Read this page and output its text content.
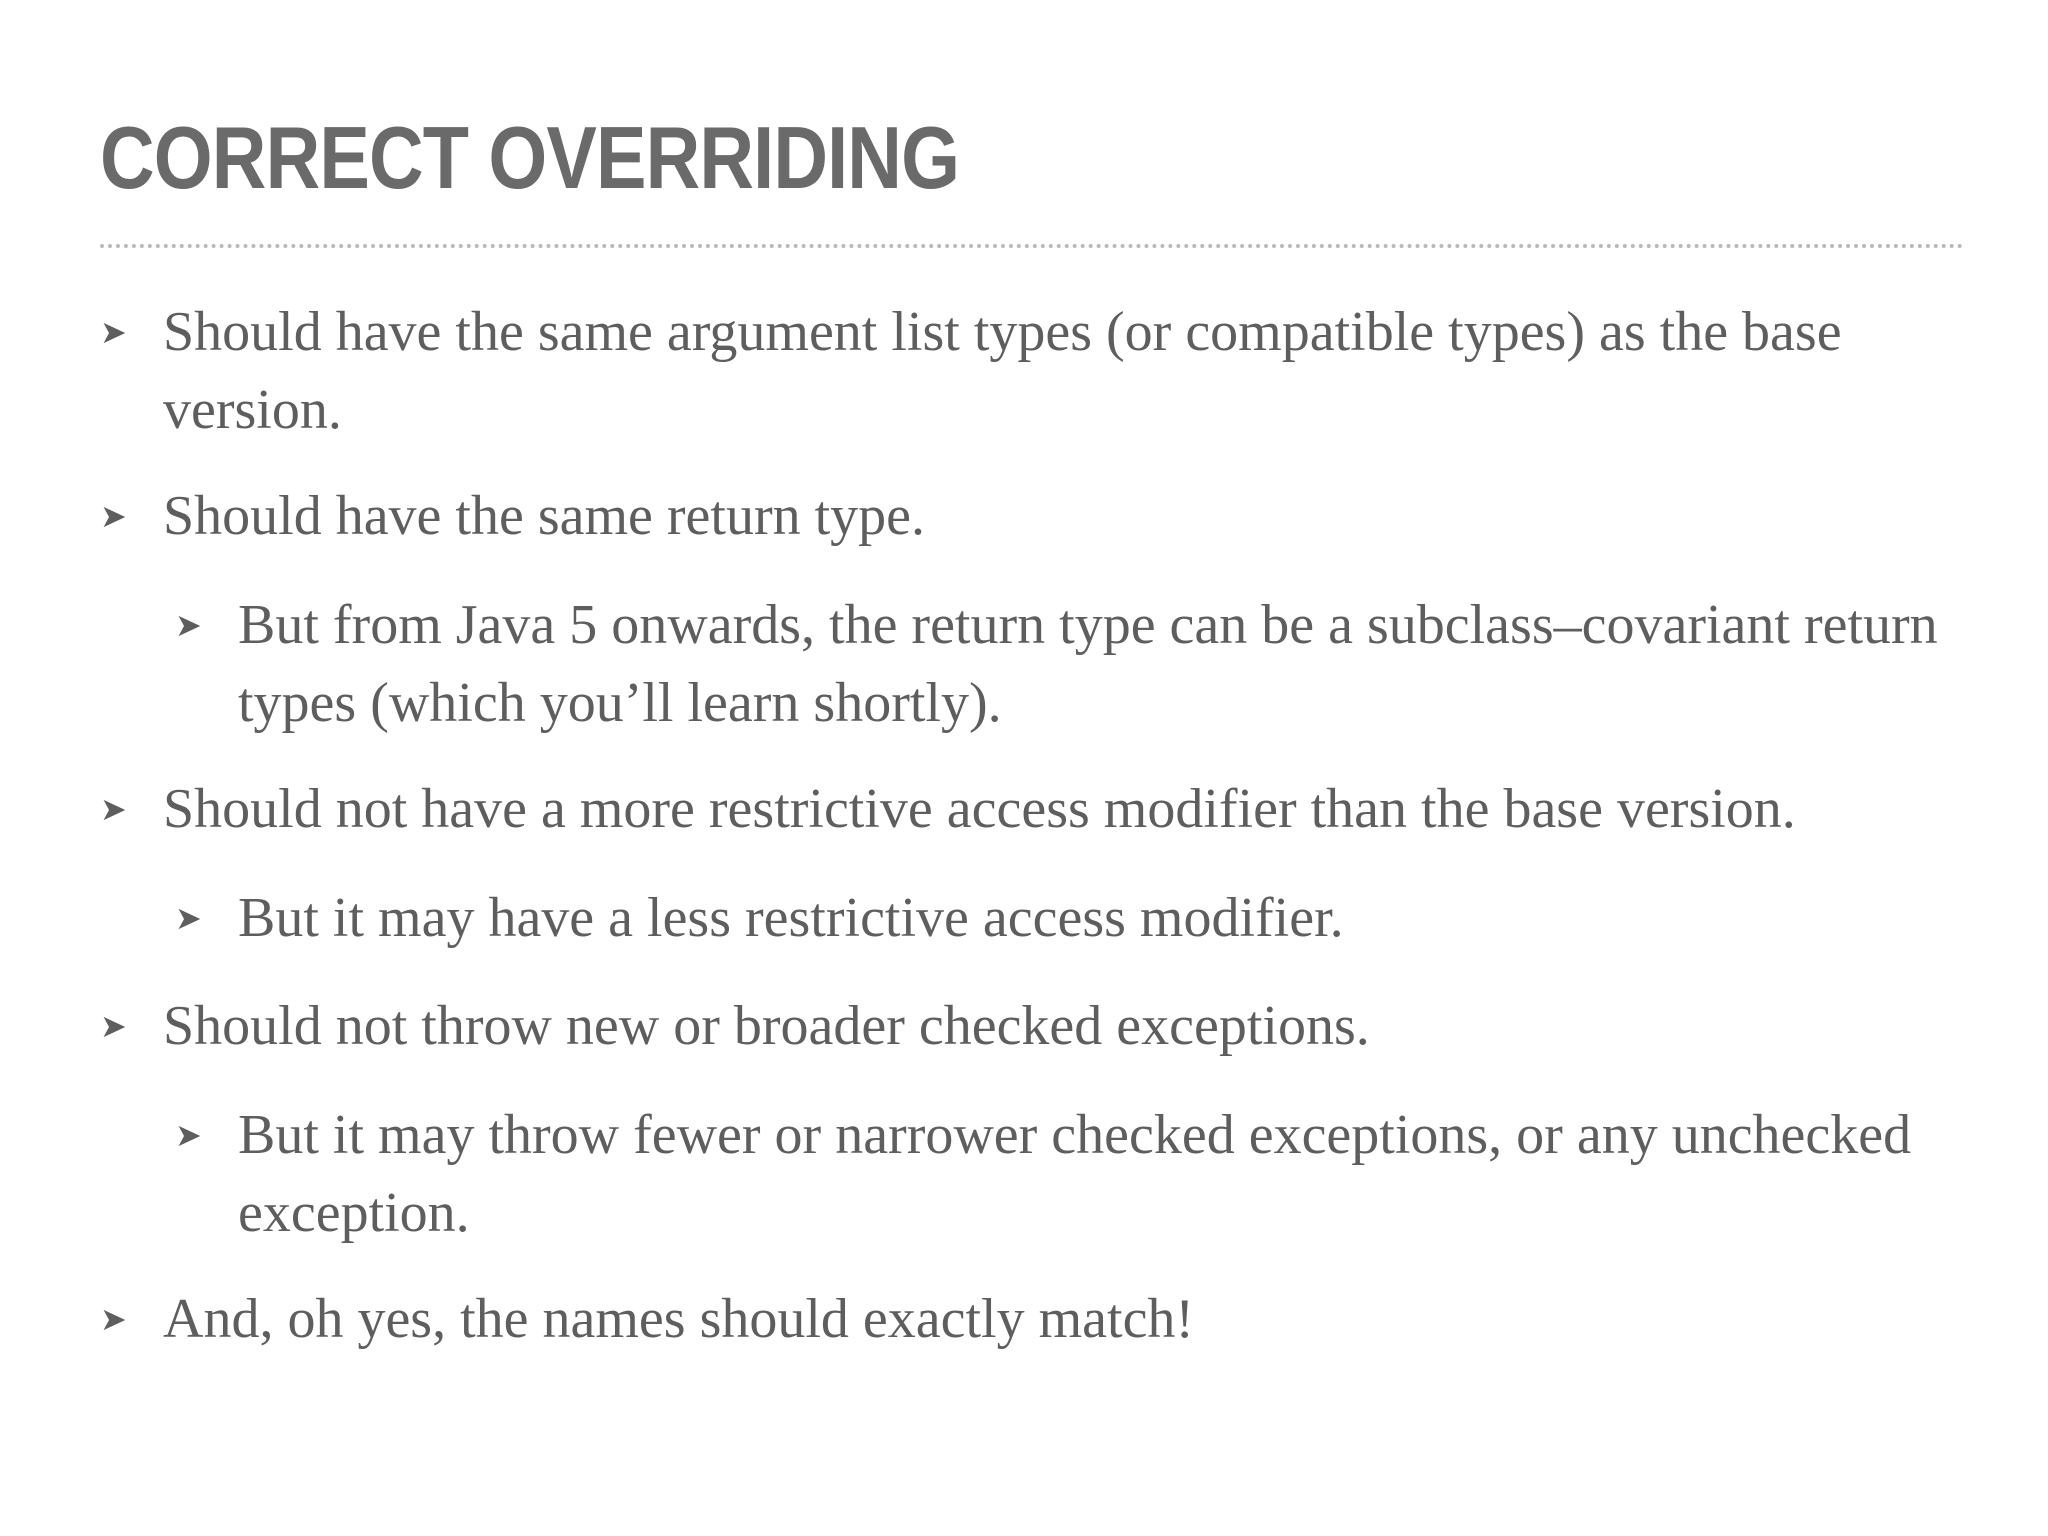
CORRECT OVERRIDING
➤ Should have the same argument list types (or compatible types) as the base version.
➤ Should have the same return type.
➤ But from Java 5 onwards, the return type can be a subclass–covariant return types (which you’ll learn shortly).
➤ Should not have a more restrictive access modifier than the base version.
➤ But it may have a less restrictive access modifier.
➤ Should not throw new or broader checked exceptions.
➤ But it may throw fewer or narrower checked exceptions, or any unchecked exception.
➤ And, oh yes, the names should exactly match!
